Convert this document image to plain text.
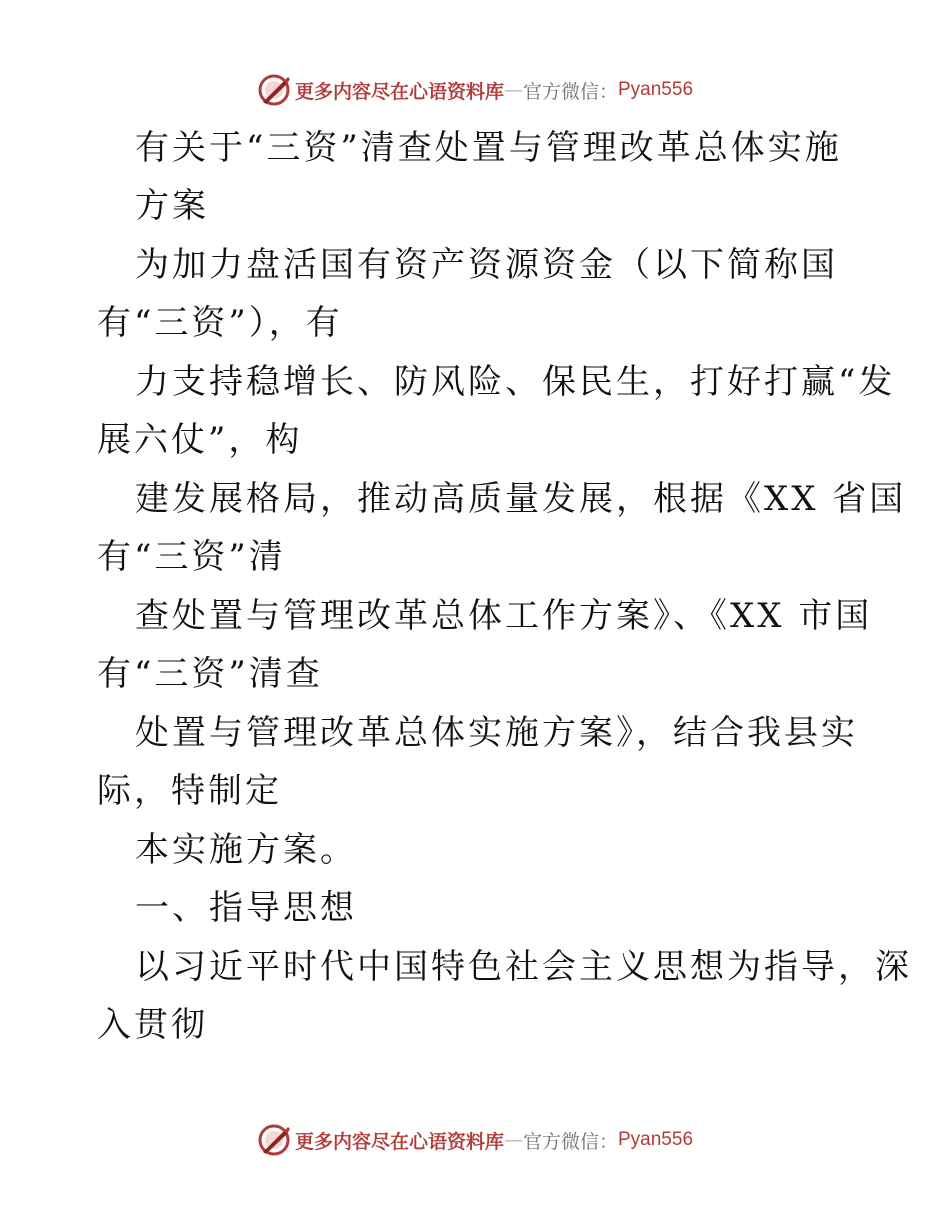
更多内容尽在心语资料库 — 官方微信： Pyan556
有关于“三资”清查处置与管理改革总体实施
方案
为加力盘活国有资产资源资金（以下简称国
有“三资”），有
力支持稳增长、防风险、保民生，打好打赢“发
展六仗”，构
建发展格局，推动高质量发展，根据《XX 省国
有“三资”清
查处置与管理改革总体工作方案》、《XX 市国
有“三资”清查
处置与管理改革总体实施方案》，结合我县实
际，特制定
本实施方案。
一、指导思想
以习近平时代中国特色社会主义思想为指导，深
入贯彻
更多内容尽在心语资料库 — 官方微信： Pyan556
